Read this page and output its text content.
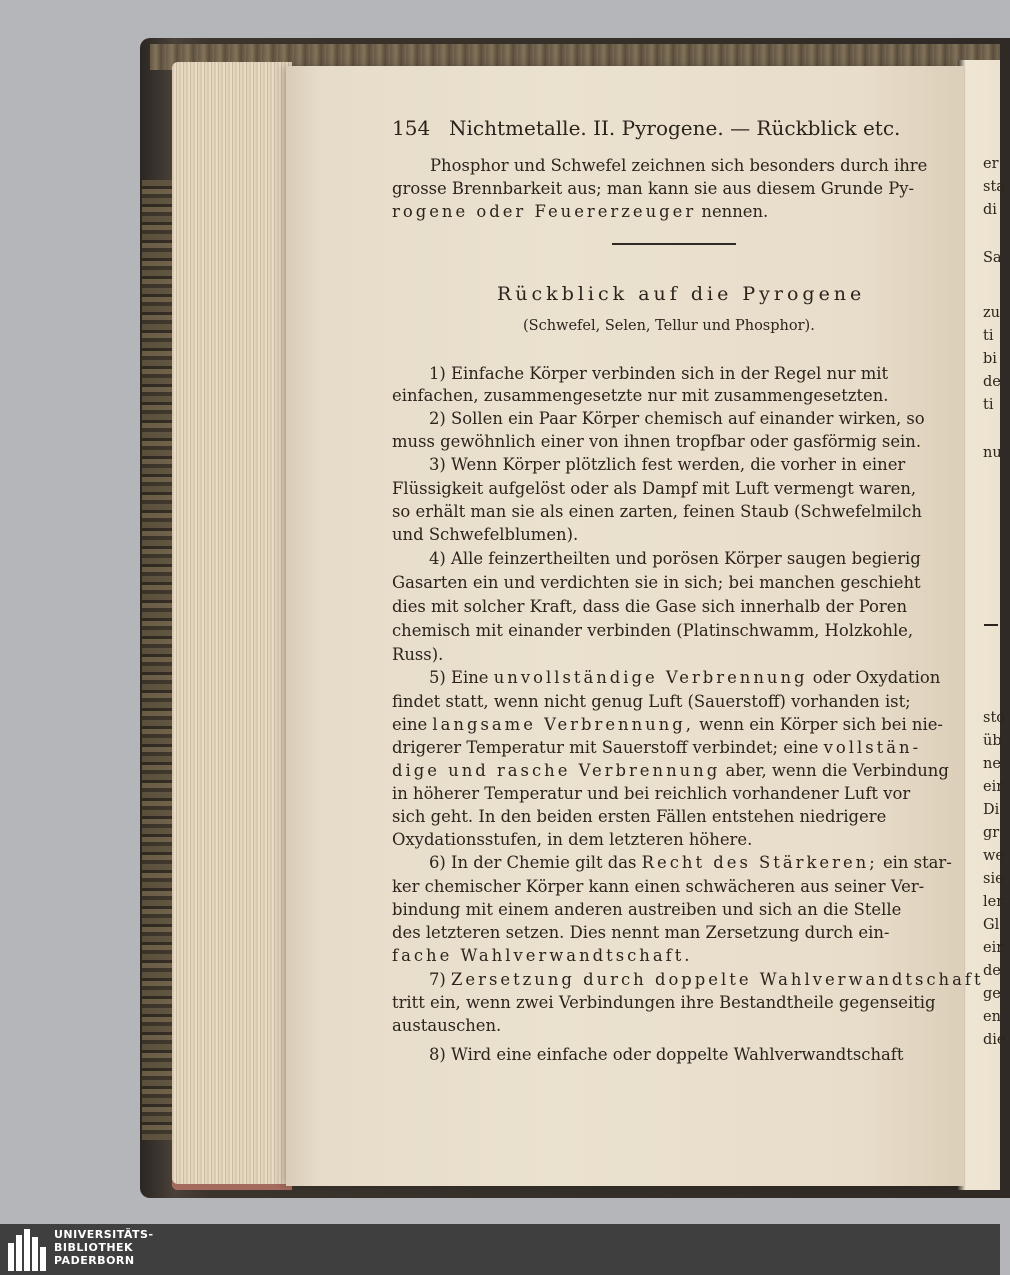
154 Nichtmetalle. II. Pyrogene. — Rückblick etc.
Phosphor und Schwefel zeichnen sich besonders durch ihre
grosse Brennbarkeit aus; man kann sie aus diesem Grunde Py-
rogene oder Feuererzeuger nennen.
Rückblick auf die Pyrogene
(Schwefel, Selen, Tellur und Phosphor).
1) Einfache Körper verbinden sich in der Regel nur mit
einfachen, zusammengesetzte nur mit zusammengesetzten.
2) Sollen ein Paar Körper chemisch auf einander wirken, so
muss gewöhnlich einer von ihnen tropfbar oder gasförmig sein.
3) Wenn Körper plötzlich fest werden, die vorher in einer
Flüssigkeit aufgelöst oder als Dampf mit Luft vermengt waren,
so erhält man sie als einen zarten, feinen Staub (Schwefelmilch
und Schwefelblumen).
4) Alle feinzertheilten und porösen Körper saugen begierig
Gasarten ein und verdichten sie in sich; bei manchen geschieht
dies mit solcher Kraft, dass die Gase sich innerhalb der Poren
chemisch mit einander verbinden (Platinschwamm, Holzkohle,
Russ).
5) Eine unvollständige Verbrennung oder Oxydation
findet statt, wenn nicht genug Luft (Sauerstoff) vorhanden ist;
eine langsame Verbrennung, wenn ein Körper sich bei nie-
drigerer Temperatur mit Sauerstoff verbindet; eine vollstän-
dige und rasche Verbrennung aber, wenn die Verbindung
in höherer Temperatur und bei reichlich vorhandener Luft vor
sich geht. In den beiden ersten Fällen entstehen niedrigere
Oxydationsstufen, in dem letzteren höhere.
6) In der Chemie gilt das Recht des Stärkeren; ein star-
ker chemischer Körper kann einen schwächeren aus seiner Ver-
bindung mit einem anderen austreiben und sich an die Stelle
des letzteren setzen. Dies nennt man Zersetzung durch ein-
fache Wahlverwandtschaft.
7) Zersetzung durch doppelte Wahlverwandtschaft
tritt ein, wenn zwei Verbindungen ihre Bestandtheile gegenseitig
austauschen.
8) Wird eine einfache oder doppelte Wahlverwandtschaft
er
sta
di
Sa
zu
ti
bi
de
ti
nu
sto
üb
ne
eir
Di
gr
we
sie
ler
Gl
eir
de
ge
en
die
UNIVERSITÄTS-
BIBLIOTHEK
PADERBORN
